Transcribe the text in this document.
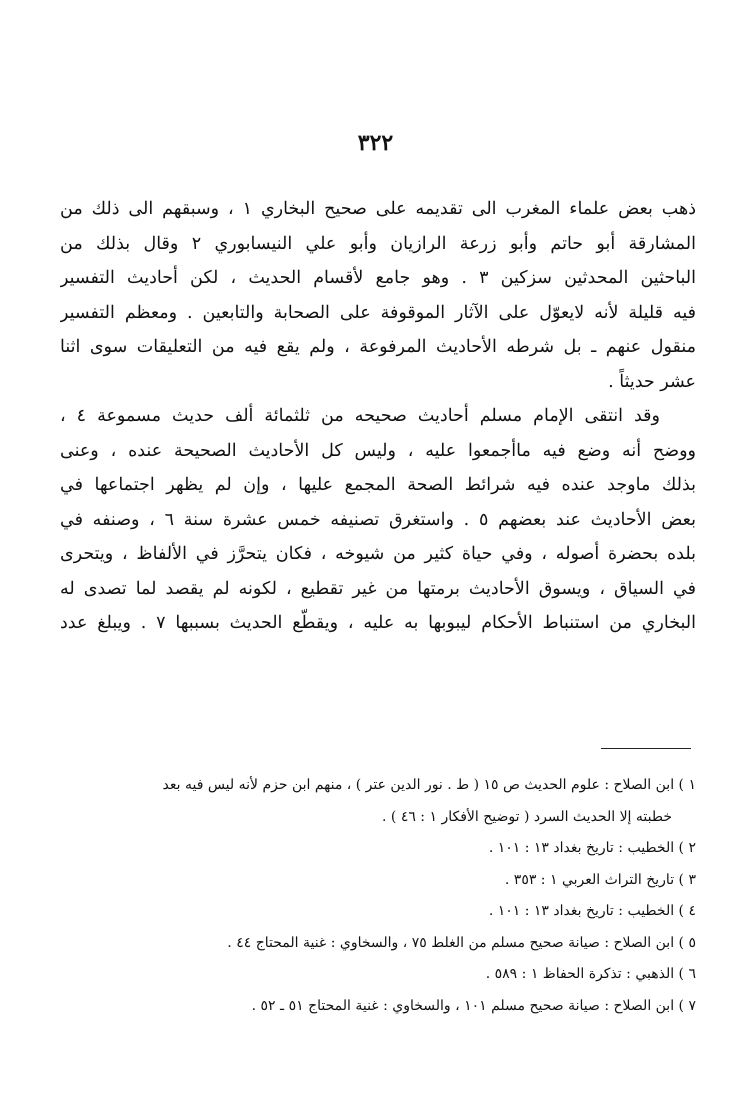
٣٢٢
ذهب بعض علماء المغرب الى تقديمه على صحيح البخاري ١ ، وسبقهم الى ذلك من
المشارقة أبو حاتم وأبو زرعة الرازيان وأبو علي النيسابوري ٢ وقال بذلك من
الباحثين المحدثين سزكين ٣ . وهو جامع لأقسام الحديث ، لكن أحاديث التفسير
فيه قليلة لأنه لايعوّل على الآثار الموقوفة على الصحابة والتابعين . ومعظم التفسير
منقول عنهم ـ بل شرطه الأحاديث المرفوعة ، ولم يقع فيه من التعليقات سوى اثنا
عشر حديثاً .
وقد انتقى الإمام مسلم أحاديث صحيحه من ثلثمائة ألف حديث مسموعة ٤ ،
ووضح أنه وضع فيه ماأجمعوا عليه ، وليس كل الأحاديث الصحيحة عنده ، وعنى
بذلك ماوجد عنده فيه شرائط الصحة المجمع عليها ، وإن لم يظهر اجتماعها في
بعض الأحاديث عند بعضهم ٥ . واستغرق تصنيفه خمس عشرة سنة ٦ ، وصنفه في
بلده بحضرة أصوله ، وفي حياة كثير من شيوخه ، فكان يتحرَّز في الألفاظ ، ويتحرى
في السياق ، ويسوق الأحاديث برمتها من غير تقطيع ، لكونه لم يقصد لما تصدى له
البخاري من استنباط الأحكام ليبوبها به عليه ، ويقطّع الحديث بسببها ٧ . ويبلغ عدد
١ ) ابن الصلاح : علوم الحديث ص ١٥ ( ط . نور الدين عتر ) ، منهم ابن حزم لأنه ليس فيه بعد
خطبته إلا الحديث السرد ( توضيح الأفكار ١ : ٤٦ ) .
٢ ) الخطيب : تاريخ بغداد ١٣ : ١٠١ .
٣ ) تاريخ التراث العربي ١ : ٣٥٣ .
٤ ) الخطيب : تاريخ بغداد ١٣ : ١٠١ .
٥ ) ابن الصلاح : صيانة صحيح مسلم من الغلط ٧٥ ، والسخاوي : غنية المحتاج ٤٤ .
٦ ) الذهبي : تذكرة الحفاظ ١ : ٥٨٩ .
٧ ) ابن الصلاح : صيانة صحيح مسلم ١٠١ ، والسخاوي : غنية المحتاج ٥١ ـ ٥٢ .
